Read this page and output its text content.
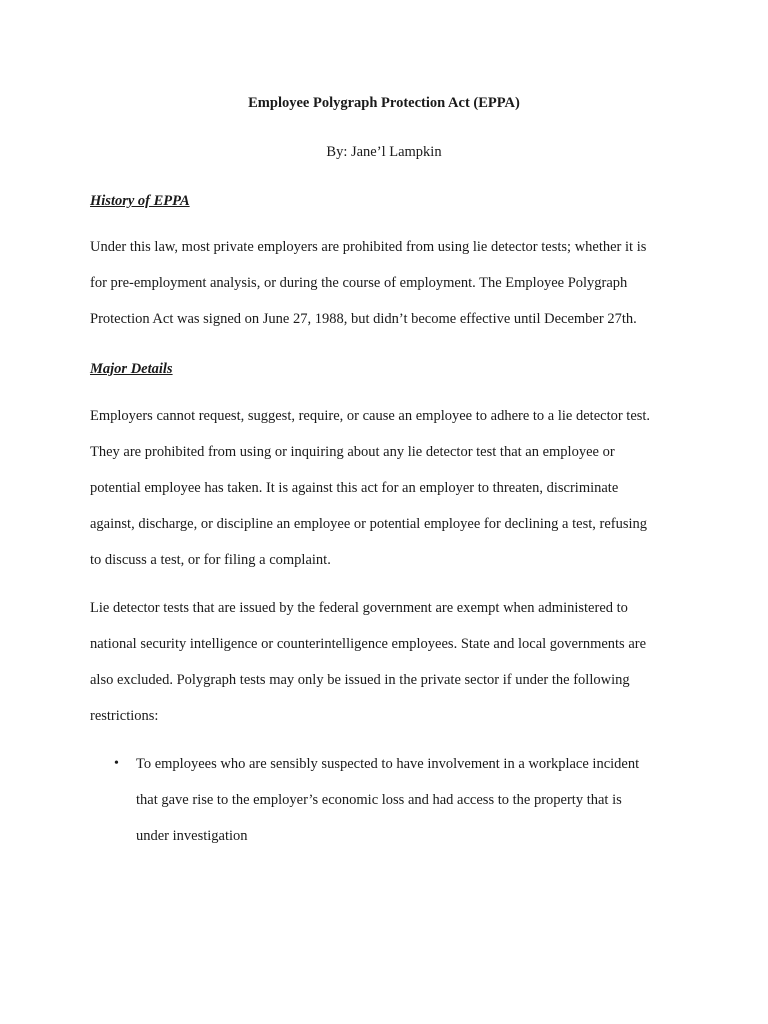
Employee Polygraph Protection Act (EPPA)

By: Jane’l Lampkin

History of EPPA

Under this law, most private employers are prohibited from using lie detector tests; whether it is
for pre-employment analysis, or during the course of employment. The Employee Polygraph
Protection Act was signed on June 27, 1988, but didn’t become effective until December 27th.

Major Details

Employers cannot request, suggest, require, or cause an employee to adhere to a lie detector test.
They are prohibited from using or inquiring about any lie detector test that an employee or
potential employee has taken. It is against this act for an employer to threaten, discriminate
against, discharge, or discipline an employee or potential employee for declining a test, refusing
to discuss a test, or for filing a complaint.

Lie detector tests that are issued by the federal government are exempt when administered to
national security intelligence or counterintelligence employees. State and local governments are
also excluded. Polygraph tests may only be issued in the private sector if under the following
restrictions:

• To employees who are sensibly suspected to have involvement in a workplace incident
that gave rise to the employer’s economic loss and had access to the property that is
under investigation
